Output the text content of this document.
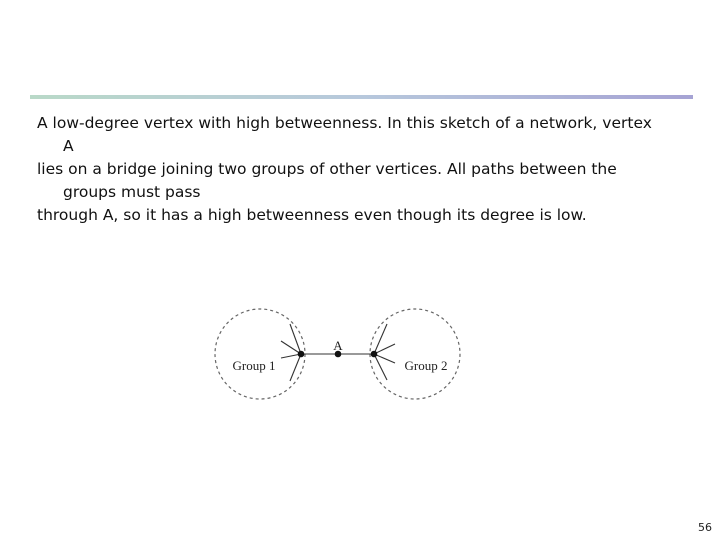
A low-degree vertex with high betweenness. In this sketch of a network, vertex
A
lies on a bridge joining two groups of other vertices. All paths between the
groups must pass
through A, so it has a high betweenness even though its degree is low.
A
Group 1	Group 2
56
